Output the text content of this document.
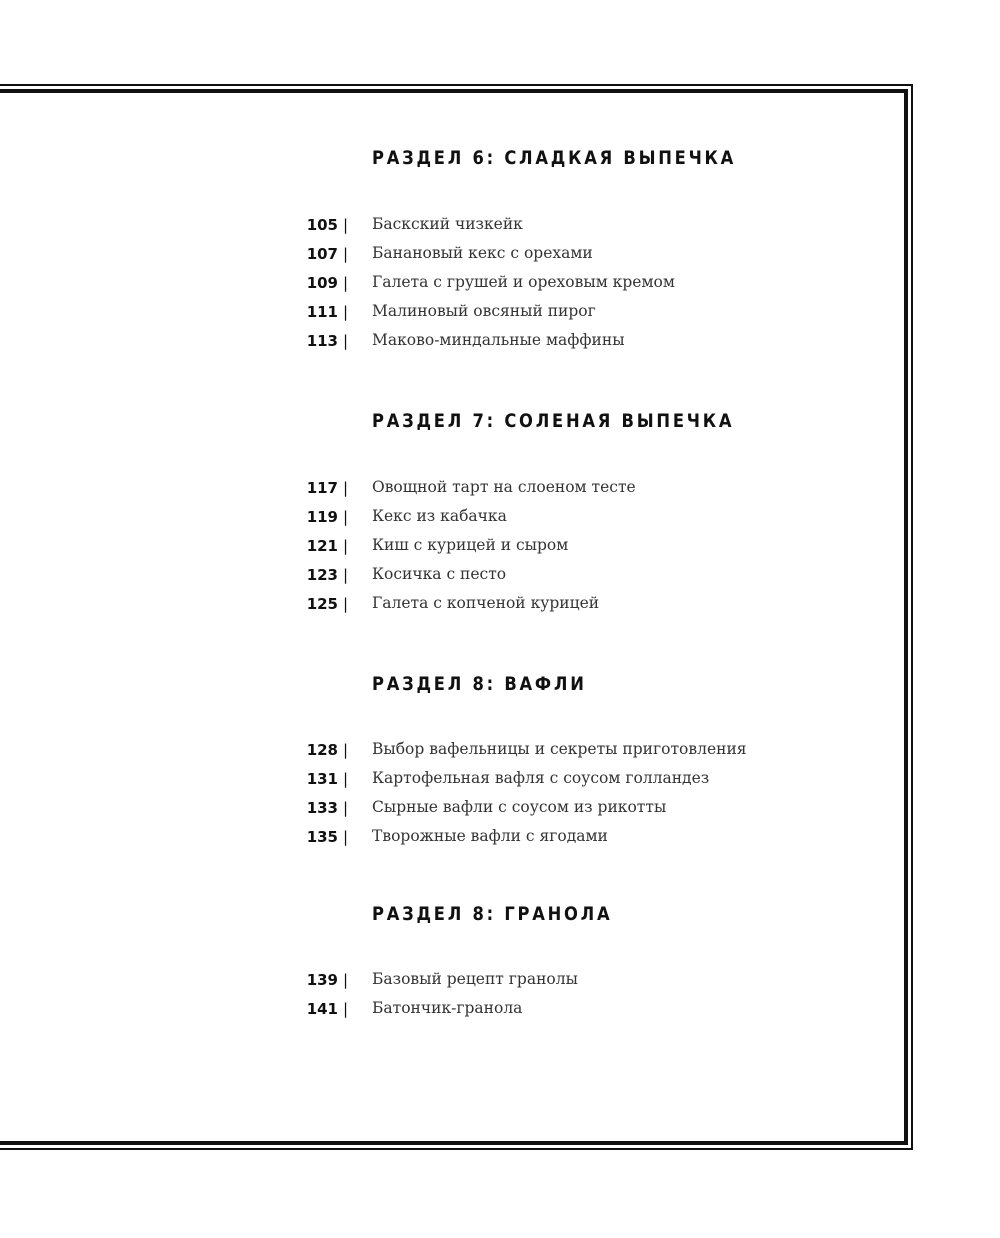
РАЗДЕЛ 6: СЛАДКАЯ ВЫПЕЧКА
105 | Баскский чизкейк
107 | Банановый кекс с орехами
109 | Галета с грушей и ореховым кремом
111 | Малиновый овсяный пирог
113 | Маково-миндальные маффины
РАЗДЕЛ 7: СОЛЕНАЯ ВЫПЕЧКА
117 | Овощной тарт на слоеном тесте
119 | Кекс из кабачка
121 | Киш с курицей и сыром
123 | Косичка с песто
125 | Галета с копченой курицей
РАЗДЕЛ 8: ВАФЛИ
128 | Выбор вафельницы и секреты приготовления
131 | Картофельная вафля с соусом голландез
133 | Сырные вафли с соусом из рикотты
135 | Творожные вафли с ягодами
РАЗДЕЛ 8: ГРАНОЛА
139 | Базовый рецепт гранолы
141 | Батончик-гранола
